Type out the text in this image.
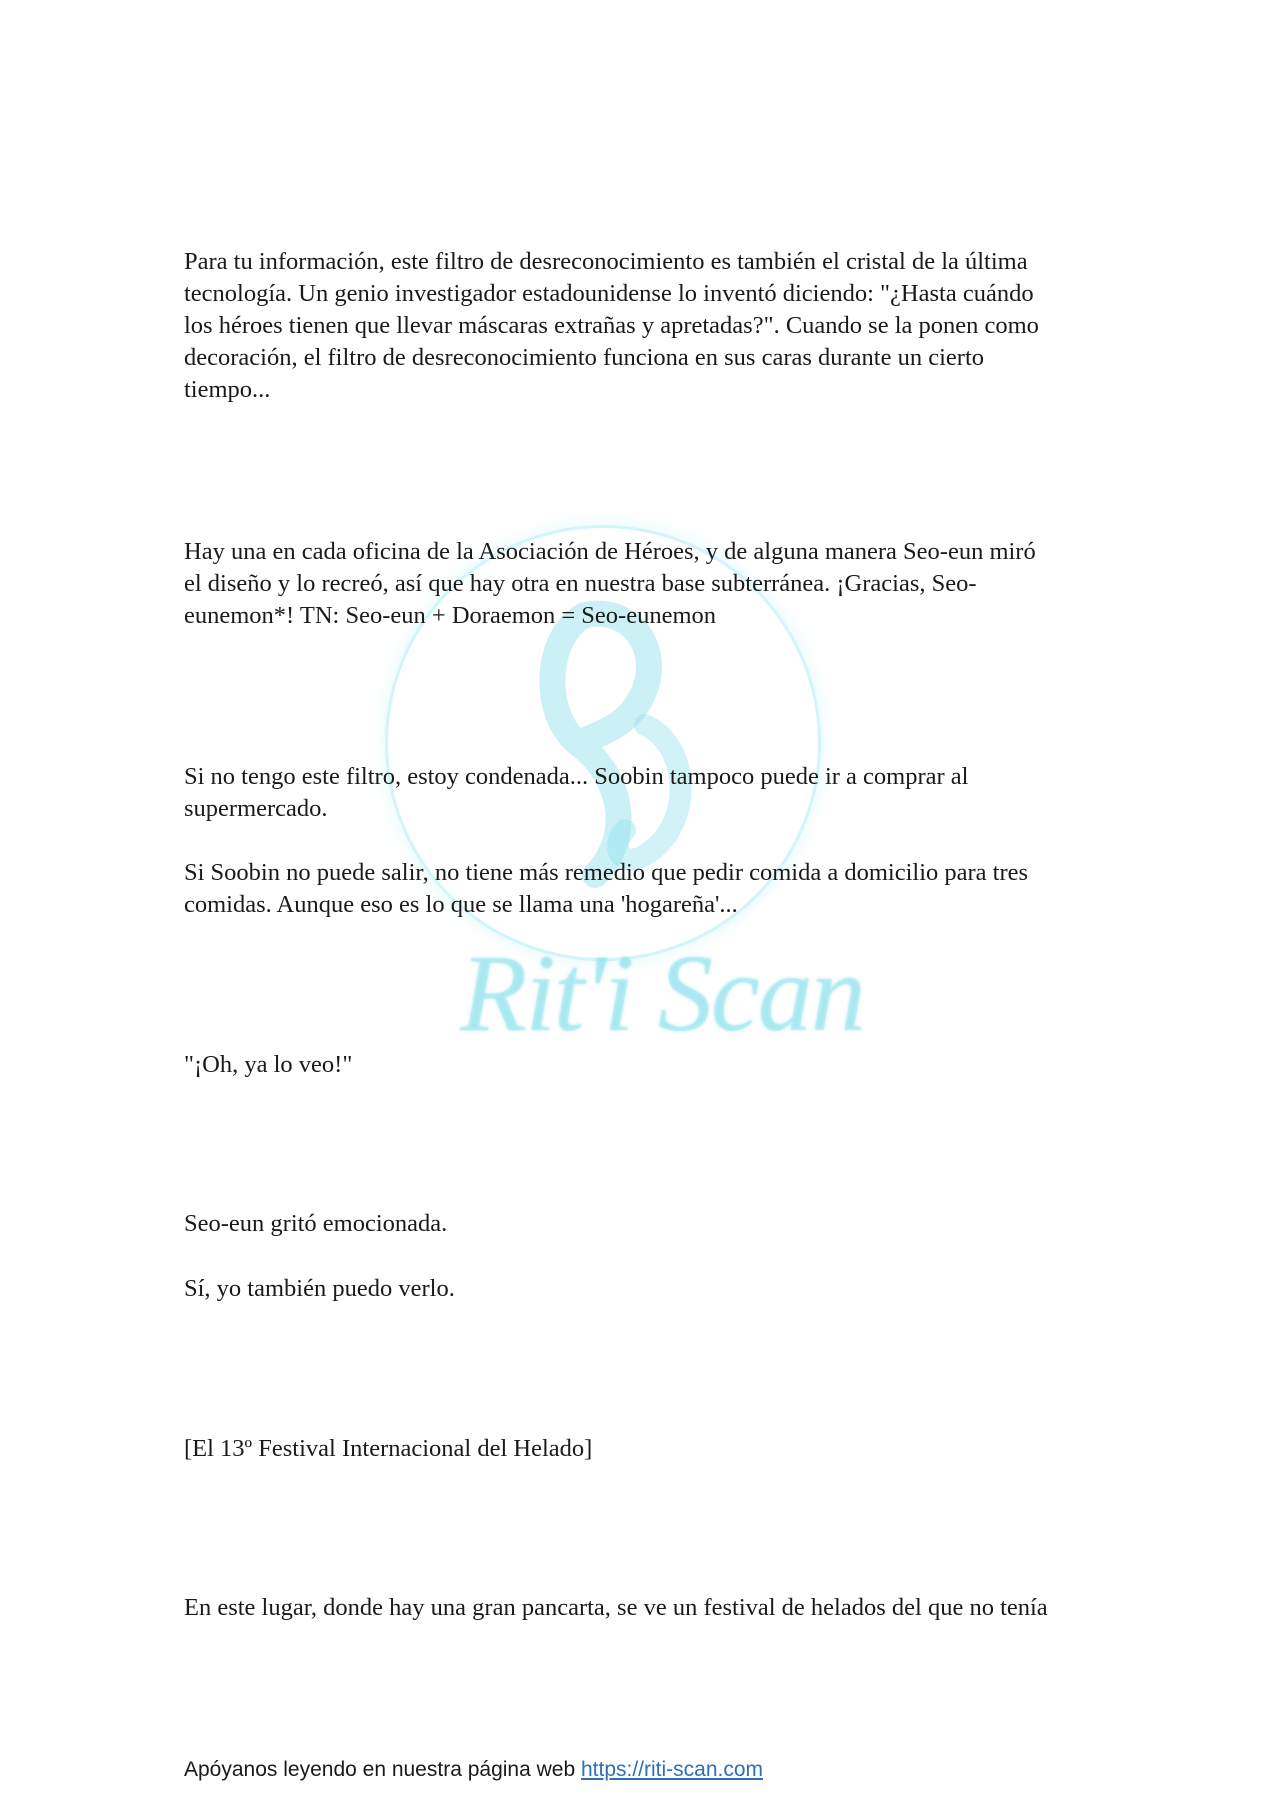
Rit'i Scan

Para tu información, este filtro de desreconocimiento es también el cristal de la última
tecnología. Un genio investigador estadounidense lo inventó diciendo: "¿Hasta cuándo
los héroes tienen que llevar máscaras extrañas y apretadas?". Cuando se la ponen como
decoración, el filtro de desreconocimiento funciona en sus caras durante un cierto
tiempo...

Hay una en cada oficina de la Asociación de Héroes, y de alguna manera Seo-eun miró
el diseño y lo recreó, así que hay otra en nuestra base subterránea. ¡Gracias, Seo-
eunemon*! TN: Seo-eun + Doraemon = Seo-eunemon

Si no tengo este filtro, estoy condenada... Soobin tampoco puede ir a comprar al
supermercado.

Si Soobin no puede salir, no tiene más remedio que pedir comida a domicilio para tres
comidas. Aunque eso es lo que se llama una 'hogareña'...

"¡Oh, ya lo veo!"

Seo-eun gritó emocionada.

Sí, yo también puedo verlo.

[El 13º Festival Internacional del Helado]

En este lugar, donde hay una gran pancarta, se ve un festival de helados del que no tenía

Apóyanos leyendo en nuestra página web https://riti-scan.com
